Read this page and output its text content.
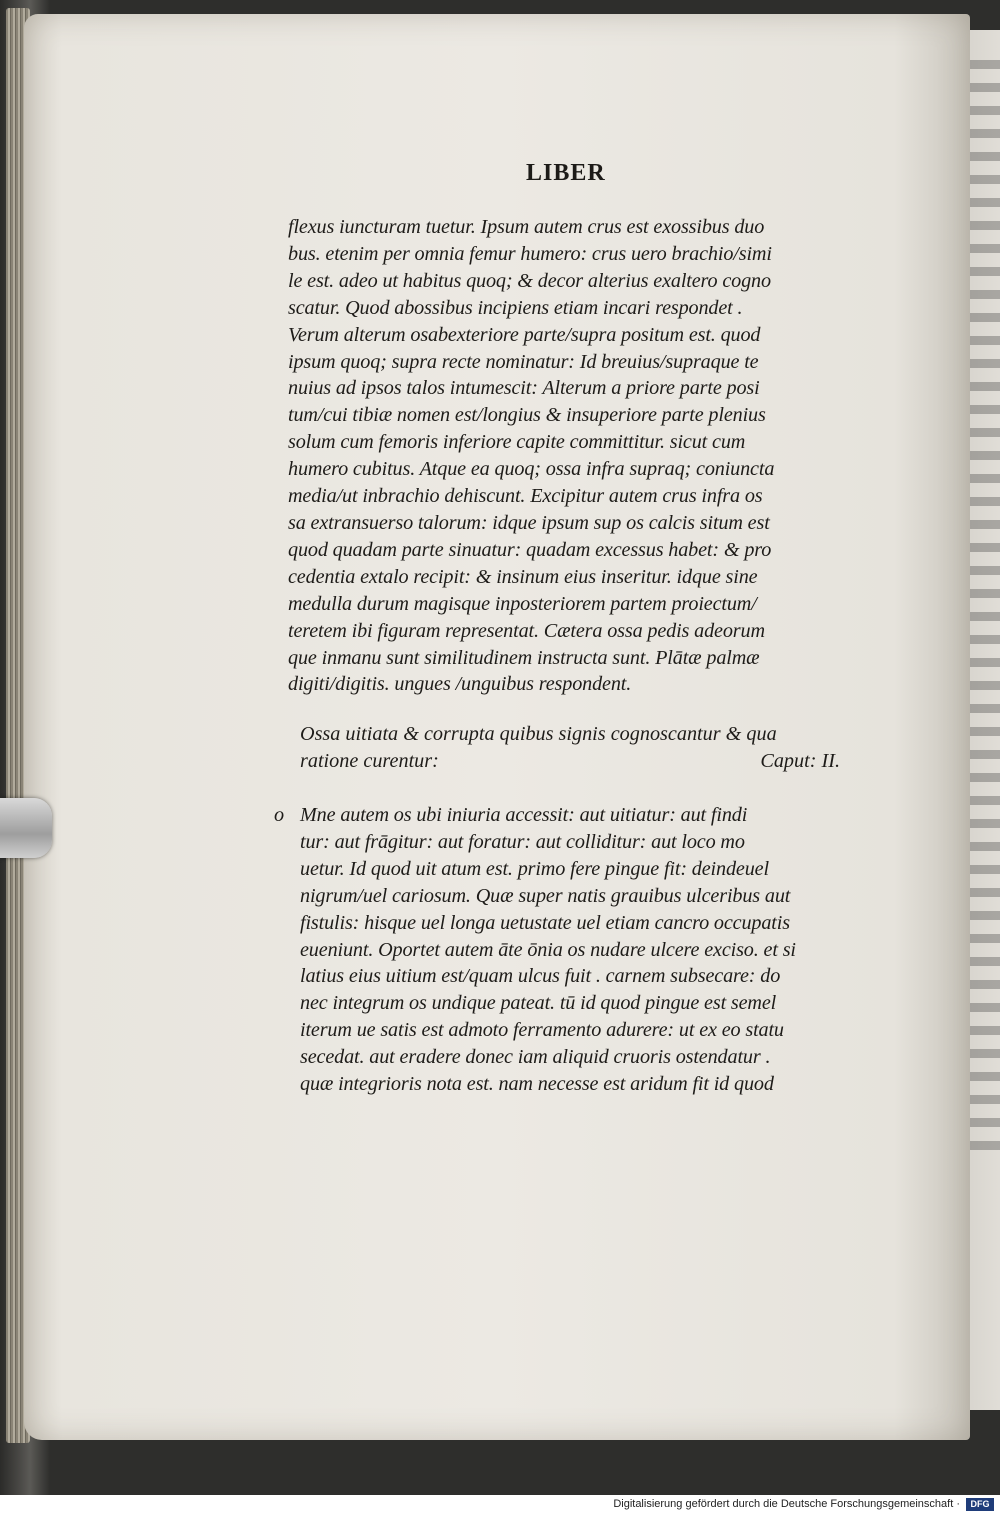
LIBER
flexus iuncturam tuetur. Ipsum autem crus est exossibus duo
bus. etenim per omnia femur humero: crus uero brachio/simi
le est. adeo ut habitus quoq; & decor alterius exaltero cogno
scatur. Quod abossibus incipiens etiam incari respondet .
Verum alterum osabexteriore parte/supra positum est. quod
ipsum quoq; supra recte nominatur: Id breuius/supraque te
nuius ad ipsos talos intumescit: Alterum a priore parte posi
tum/cui tibiæ nomen est/longius & insuperiore parte plenius
solum cum femoris inferiore capite committitur. sicut cum
humero cubitus. Atque ea quoq; ossa infra supraq; coniuncta
media/ut inbrachio dehiscunt. Excipitur autem crus infra os
sa extransuerso talorum: idque ipsum sup os calcis situm est
quod quadam parte sinuatur: quadam excessus habet: & pro
cedentia extalo recipit: & insinum eius inseritur. idque sine
medulla durum magisque inposteriorem partem proiectum/
teretem ibi figuram representat. Cætera ossa pedis adeorum
que inmanu sunt similitudinem instructa sunt. Plātæ palmæ
digiti/digitis. ungues /unguibus respondent.
Ossa uitiata & corrupta quibus signis cognoscantur & qua
ratione curentur:	Caput: II.
o Mne autem os ubi iniuria accessit: aut uitiatur: aut findi
tur: aut frāgitur: aut foratur: aut colliditur: aut loco mo
uetur. Id quod uit atum est. primo fere pingue fit: deindeuel
nigrum/uel cariosum. Quæ super natis grauibus ulceribus aut
fistulis: hisque uel longa uetustate uel etiam cancro occupatis
eueniunt. Oportet autem āte ōnia os nudare ulcere exciso. et si
latius eius uitium est/quam ulcus fuit . carnem subsecare: do
nec integrum os undique pateat. tū id quod pingue est semel
iterum ue satis est admoto ferramento adurere: ut ex eo statu
secedat. aut eradere donec iam aliquid cruoris ostendatur .
quæ integrioris nota est. nam necesse est aridum fit id quod
Digitalisierung gefördert durch die Deutsche Forschungsgemeinschaft ·	DFG
